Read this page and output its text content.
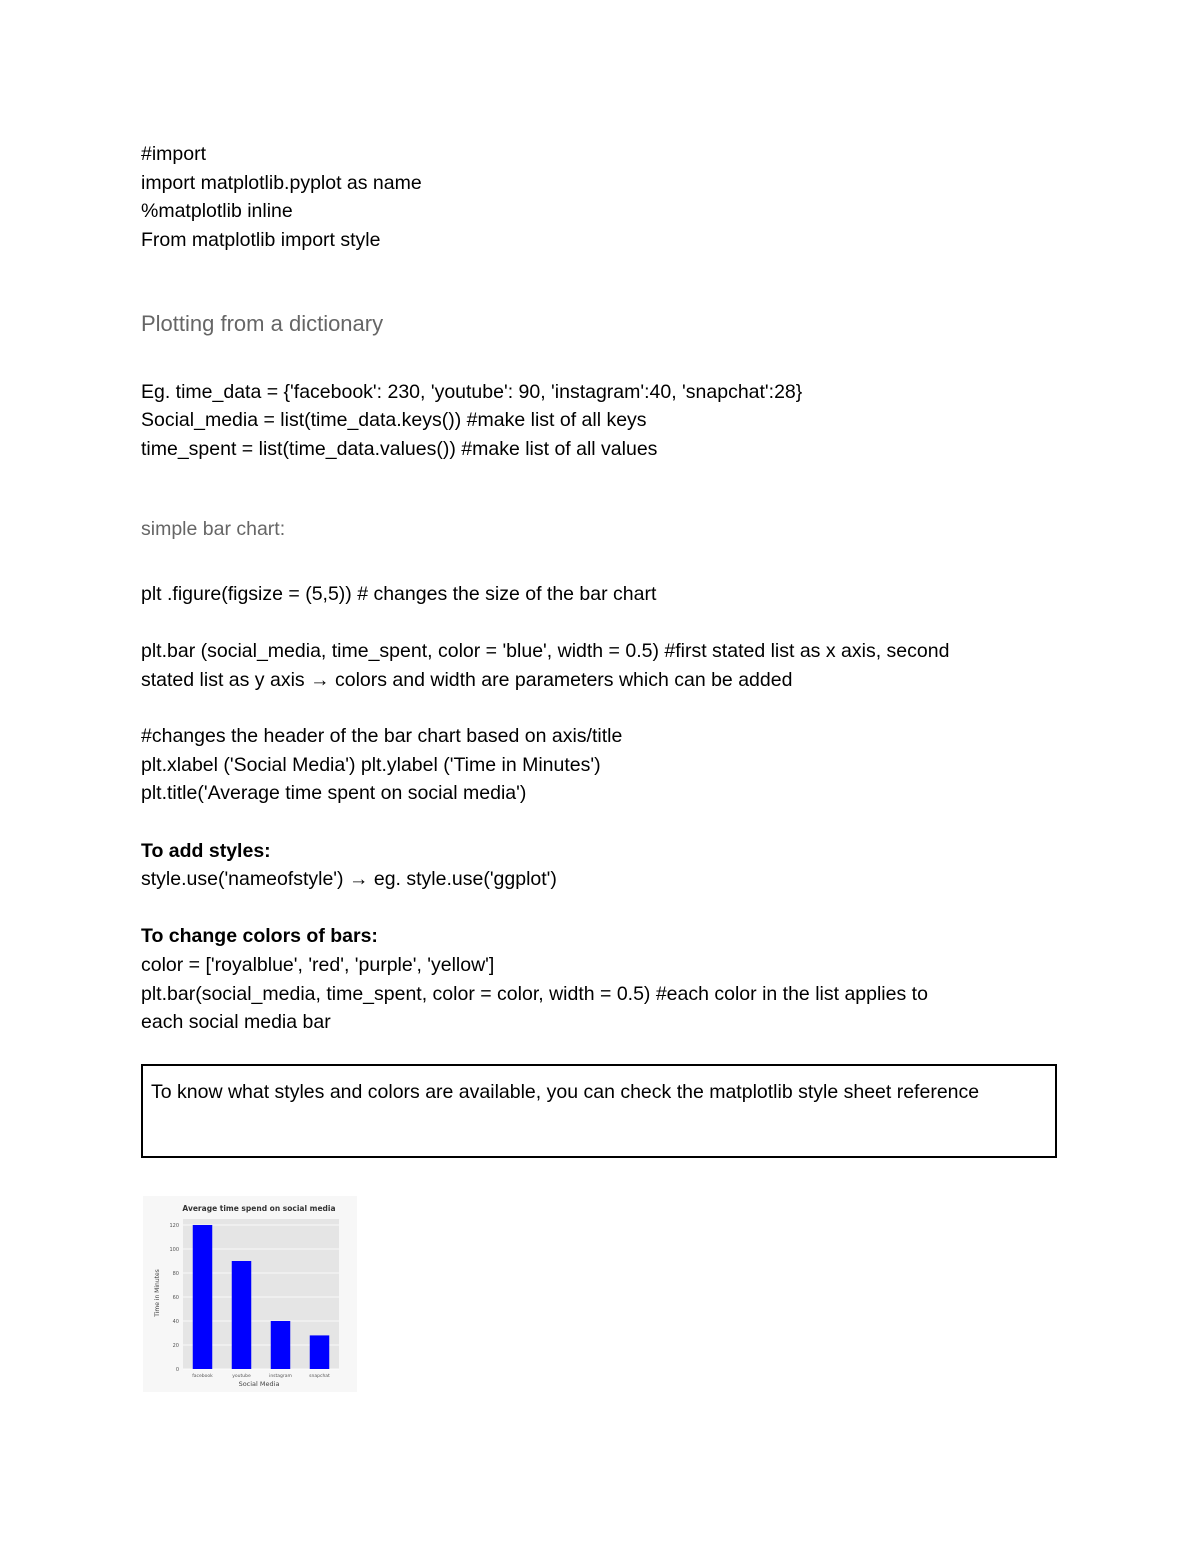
#import
import matplotlib.pyplot as name
%matplotlib inline
From matplotlib import style
Plotting from a dictionary
Eg. time_data = {'facebook': 230, 'youtube': 90, 'instagram':40, 'snapchat':28}
Social_media = list(time_data.keys()) #make list of all keys
time_spent = list(time_data.values()) #make list of all values
simple bar chart:
plt .figure(figsize = (5,5)) # changes the size of the bar chart
plt.bar (social_media, time_spent, color = 'blue', width = 0.5) #first stated list as x axis, second
stated list as y axis → colors and width are parameters which can be added
#changes the header of the bar chart based on axis/title
plt.xlabel ('Social Media') plt.ylabel ('Time in Minutes')
plt.title('Average time spent on social media')
To add styles:
style.use('nameofstyle') → eg. style.use('ggplot')
To change colors of bars:
color = ['royalblue', 'red', 'purple', 'yellow']
plt.bar(social_media, time_spent, color = color, width = 0.5) #each color in the list applies to
each social media bar
To know what styles and colors are available, you can check the matplotlib style sheet reference
0
20
40
60
80
100
120
facebook	youtube	instagram	snapchat
Average time spend on social media
Social Media
Time in Minutes
